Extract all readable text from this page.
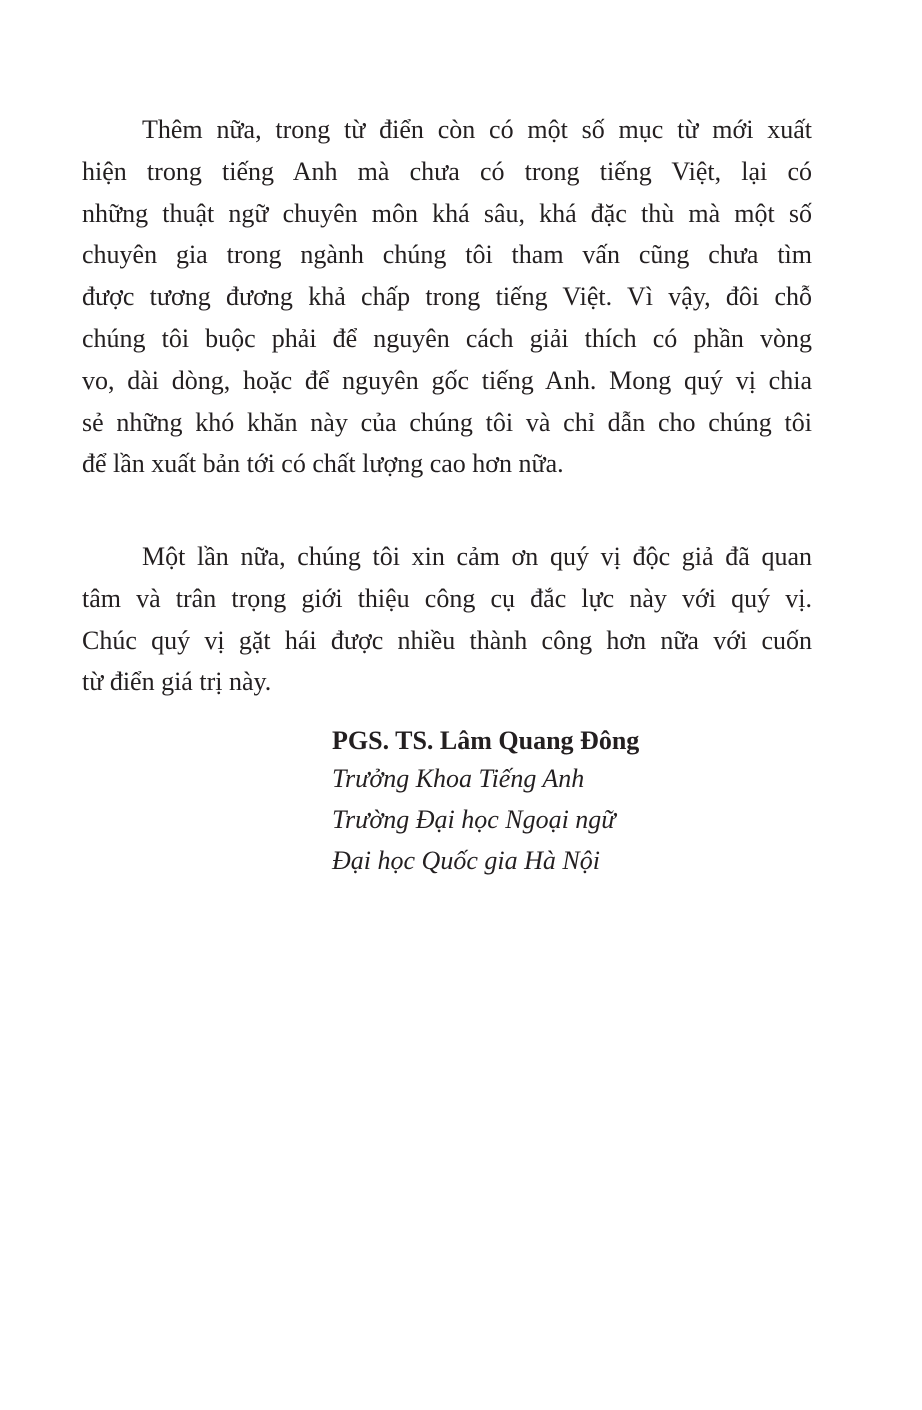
Thêm nữa, trong từ điển còn có một số mục từ mới xuất
hiện trong tiếng Anh mà chưa có trong tiếng Việt, lại có
những thuật ngữ chuyên môn khá sâu, khá đặc thù mà một số
chuyên gia trong ngành chúng tôi tham vấn cũng chưa tìm
được tương đương khả chấp trong tiếng Việt. Vì vậy, đôi chỗ
chúng tôi buộc phải để nguyên cách giải thích có phần vòng
vo, dài dòng, hoặc để nguyên gốc tiếng Anh. Mong quý vị chia
sẻ những khó khăn này của chúng tôi và chỉ dẫn cho chúng tôi
để lần xuất bản tới có chất lượng cao hơn nữa.
Một lần nữa, chúng tôi xin cảm ơn quý vị độc giả đã quan
tâm và trân trọng giới thiệu công cụ đắc lực này với quý vị.
Chúc quý vị gặt hái được nhiều thành công hơn nữa với cuốn
từ điển giá trị này.
PGS. TS. Lâm Quang Đông
Trưởng Khoa Tiếng Anh
Trường Đại học Ngoại ngữ
Đại học Quốc gia Hà Nội
